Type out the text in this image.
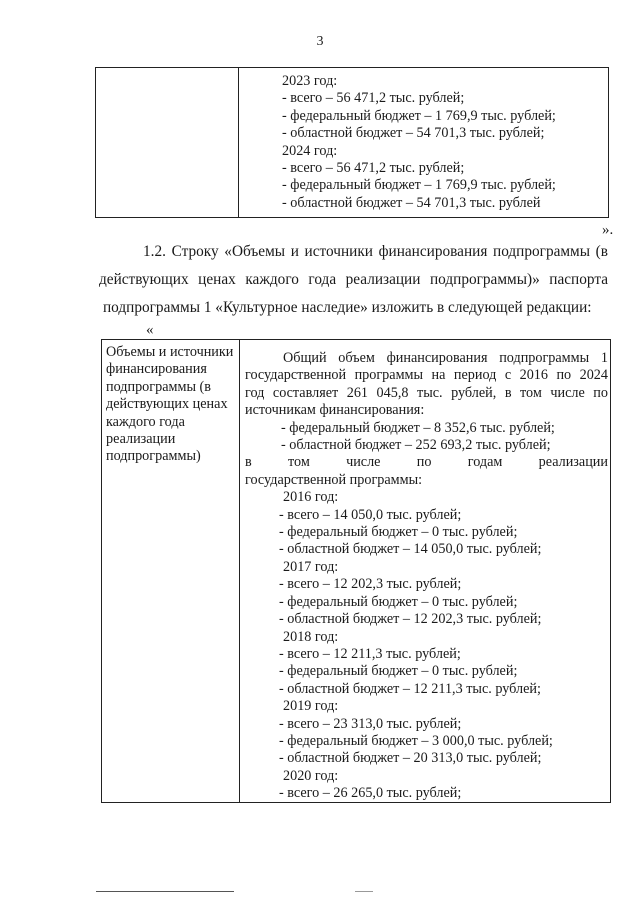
3
2023 год:
- всего – 56 471,2 тыс. рублей;
- федеральный бюджет – 1 769,9 тыс. рублей;
- областной бюджет – 54 701,3 тыс. рублей;
2024 год:
- всего – 56 471,2 тыс. рублей;
- федеральный бюджет – 1 769,9 тыс. рублей;
- областной бюджет – 54 701,3 тыс. рублей
».
1.2. Строку «Объемы и источники финансирования подпрограммы (в
действующих ценах каждого года реализации подпрограммы)» паспорта
подпрограммы 1 «Культурное наследие» изложить в следующей редакции:
«
Объемы и источники финансирования подпрограммы (в действующих ценах каждого года реализации подпрограммы)
Общий объем финансирования подпрограммы 1
государственной программы на период с 2016 по 2024
год составляет 261 045,8 тыс. рублей, в том числе по
источникам финансирования:
- федеральный бюджет – 8 352,6 тыс. рублей;
- областной бюджет – 252 693,2 тыс. рублей;
в том числе по годам реализации
государственной программы:
2016 год:
- всего – 14 050,0 тыс. рублей;
- федеральный бюджет – 0 тыс. рублей;
- областной бюджет – 14 050,0 тыс. рублей;
2017 год:
- всего – 12 202,3 тыс. рублей;
- федеральный бюджет – 0 тыс. рублей;
- областной бюджет – 12 202,3 тыс. рублей;
2018 год:
- всего – 12 211,3 тыс. рублей;
- федеральный бюджет – 0 тыс. рублей;
- областной бюджет – 12 211,3 тыс. рублей;
2019 год:
- всего – 23 313,0 тыс. рублей;
- федеральный бюджет – 3 000,0 тыс. рублей;
- областной бюджет – 20 313,0 тыс. рублей;
2020 год:
- всего – 26 265,0 тыс. рублей;
